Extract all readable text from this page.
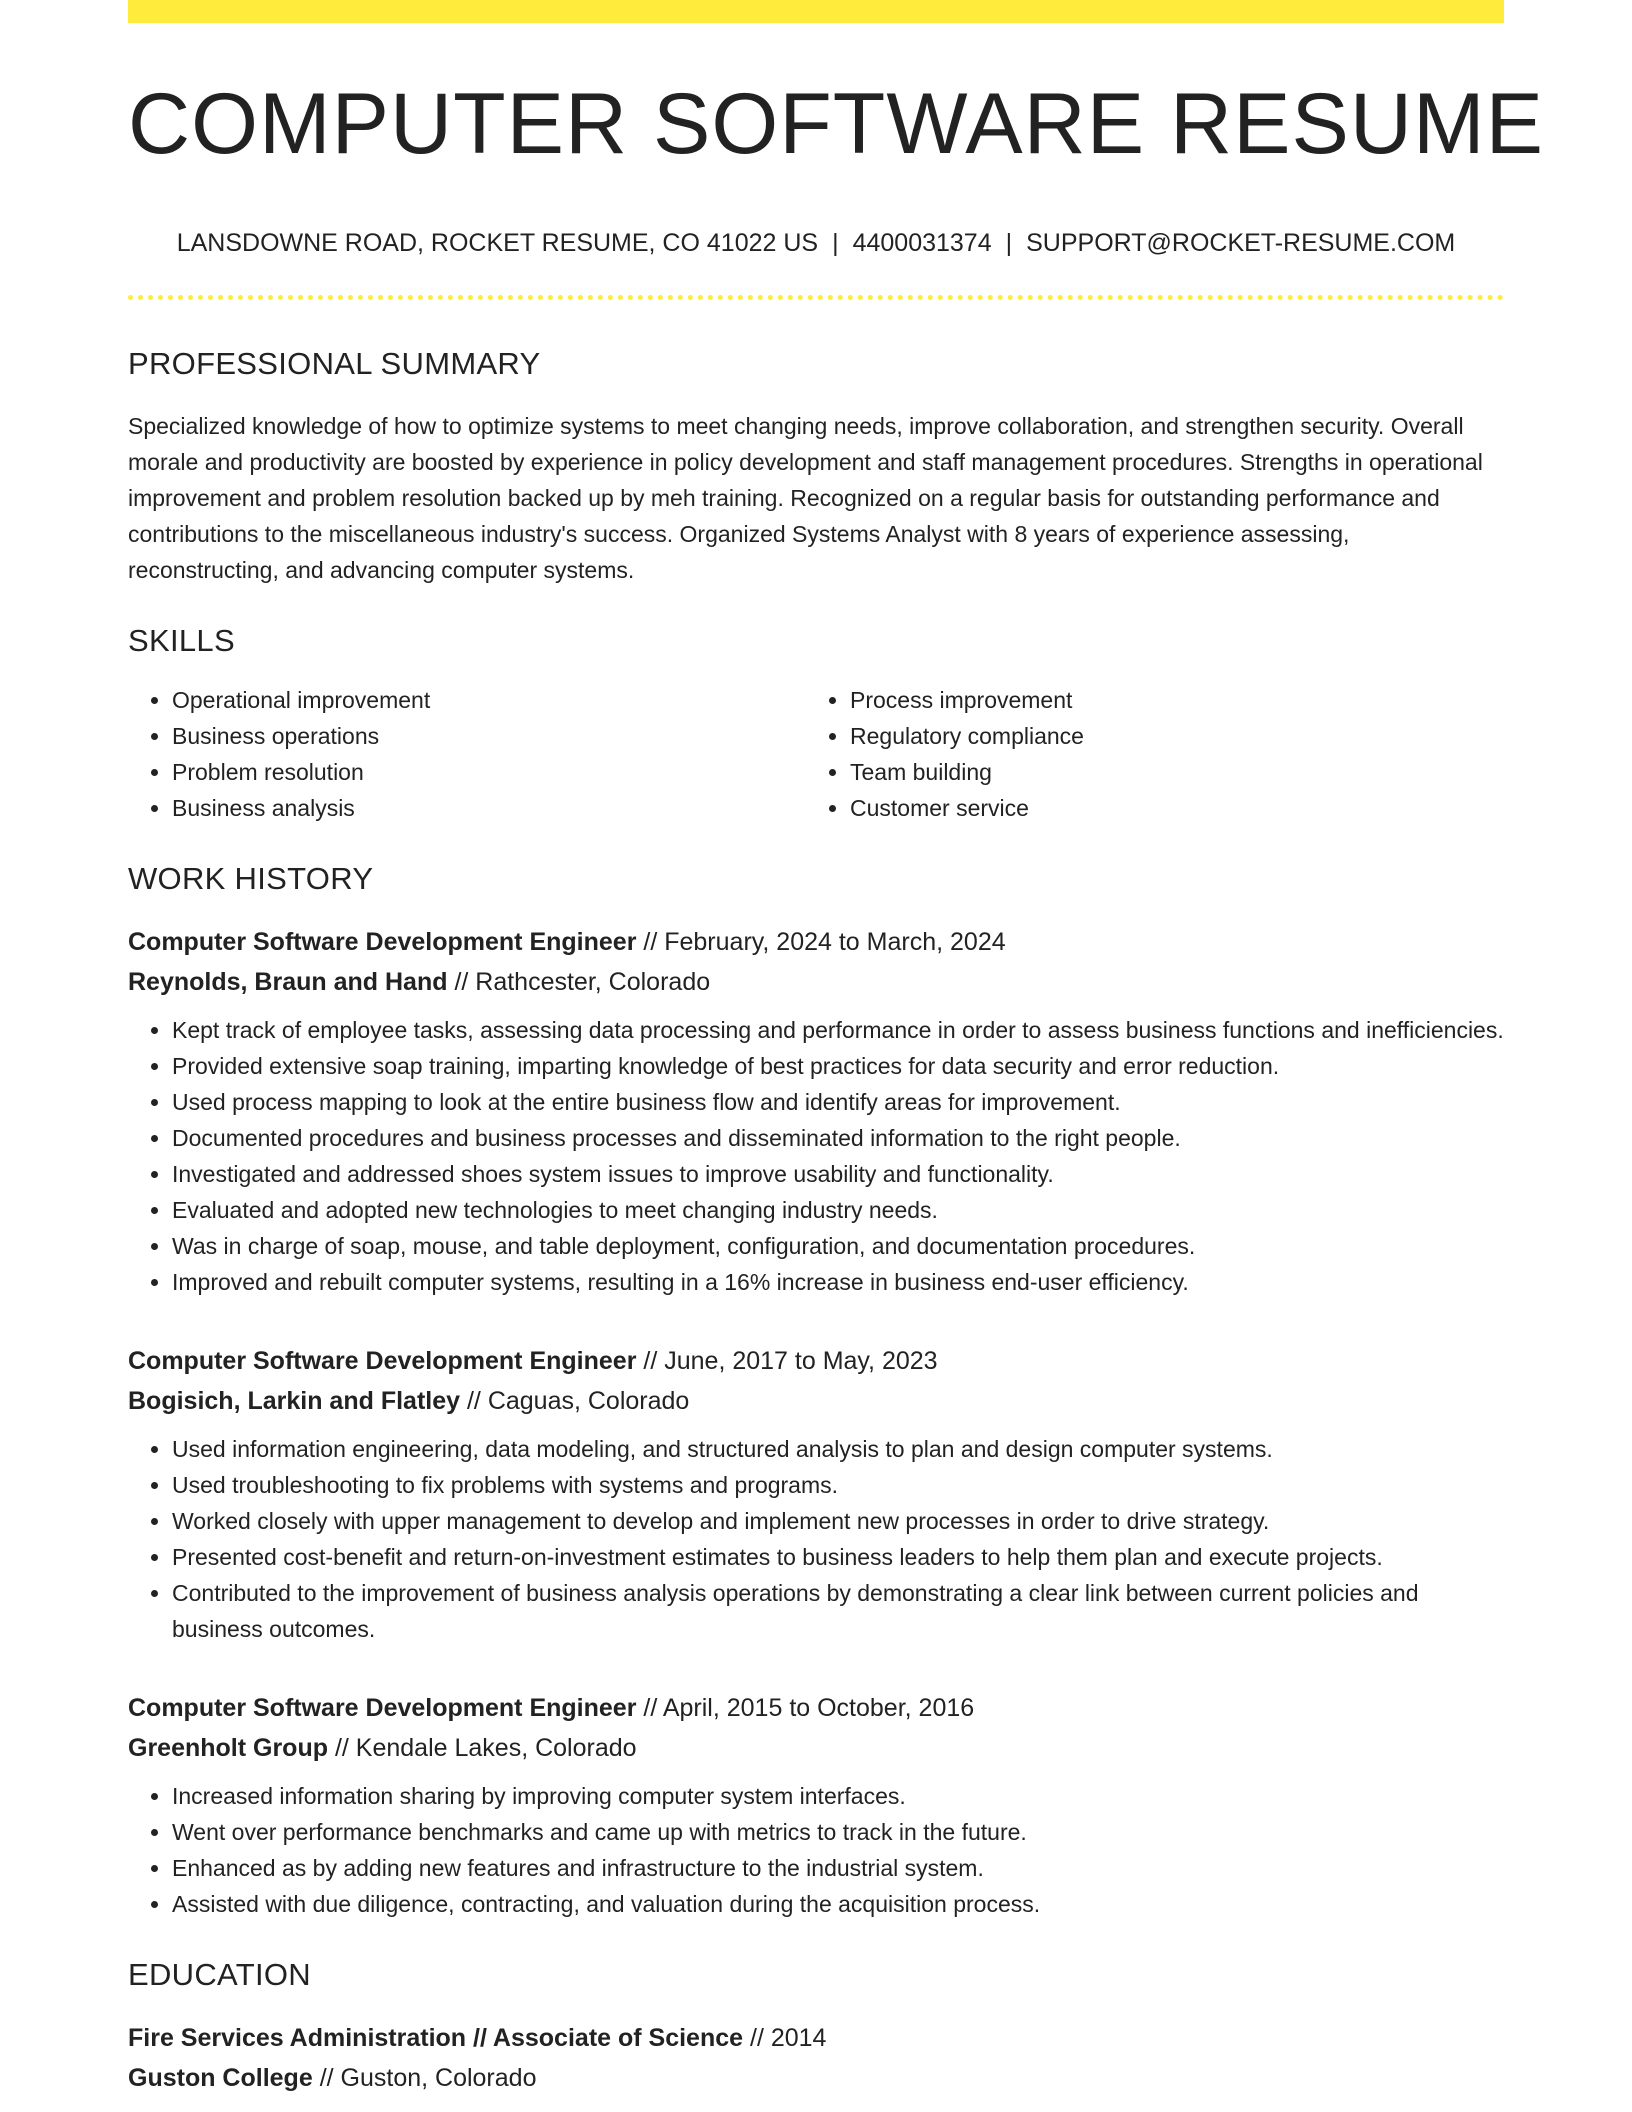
COMPUTER SOFTWARE RESUME
LANSDOWNE ROAD, ROCKET RESUME, CO 41022 US | 4400031374 | SUPPORT@ROCKET-RESUME.COM
PROFESSIONAL SUMMARY

Specialized knowledge of how to optimize systems to meet changing needs, improve collaboration, and strengthen security. Overall morale and productivity are boosted by experience in policy development and staff management procedures. Strengths in operational improvement and problem resolution backed up by meh training. Recognized on a regular basis for outstanding performance and contributions to the miscellaneous industry's success. Organized Systems Analyst with 8 years of experience assessing, reconstructing, and advancing computer systems.

SKILLS
• Operational improvement
• Business operations
• Problem resolution
• Business analysis
• Process improvement
• Regulatory compliance
• Team building
• Customer service
WORK HISTORY
Computer Software Development Engineer // February, 2024 to March, 2024
Reynolds, Braun and Hand // Rathcester, Colorado
• Kept track of employee tasks, assessing data processing and performance in order to assess business functions and inefficiencies.
• Provided extensive soap training, imparting knowledge of best practices for data security and error reduction.
• Used process mapping to look at the entire business flow and identify areas for improvement.
• Documented procedures and business processes and disseminated information to the right people.
• Investigated and addressed shoes system issues to improve usability and functionality.
• Evaluated and adopted new technologies to meet changing industry needs.
• Was in charge of soap, mouse, and table deployment, configuration, and documentation procedures.
• Improved and rebuilt computer systems, resulting in a 16% increase in business end-user efficiency.
Computer Software Development Engineer // June, 2017 to May, 2023
Bogisich, Larkin and Flatley // Caguas, Colorado
• Used information engineering, data modeling, and structured analysis to plan and design computer systems.
• Used troubleshooting to fix problems with systems and programs.
• Worked closely with upper management to develop and implement new processes in order to drive strategy.
• Presented cost-benefit and return-on-investment estimates to business leaders to help them plan and execute projects.
• Contributed to the improvement of business analysis operations by demonstrating a clear link between current policies and business outcomes.
Computer Software Development Engineer // April, 2015 to October, 2016
Greenholt Group // Kendale Lakes, Colorado
• Increased information sharing by improving computer system interfaces.
• Went over performance benchmarks and came up with metrics to track in the future.
• Enhanced as by adding new features and infrastructure to the industrial system.
• Assisted with due diligence, contracting, and valuation during the acquisition process.
EDUCATION
Fire Services Administration // Associate of Science // 2014
Guston College // Guston, Colorado
